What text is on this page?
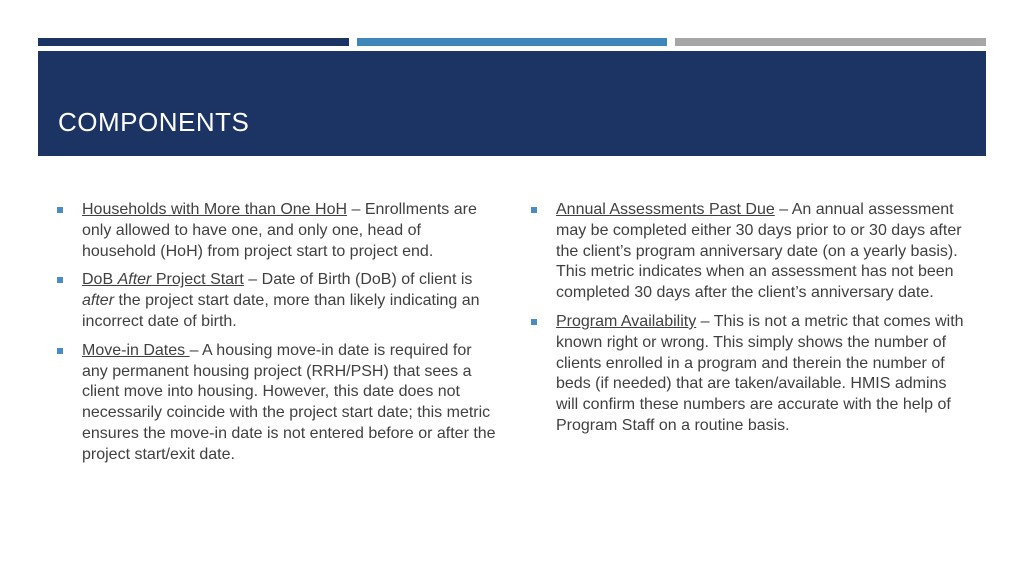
COMPONENTS
Households with More than One HoH – Enrollments are only allowed to have one, and only one, head of household (HoH) from project start to project end.
DoB After Project Start – Date of Birth (DoB) of client is after the project start date, more than likely indicating an incorrect date of birth.
Move-in Dates – A housing move-in date is required for any permanent housing project (RRH/PSH) that sees a client move into housing. However, this date does not necessarily coincide with the project start date; this metric ensures the move-in date is not entered before or after the project start/exit date.
Annual Assessments Past Due – An annual assessment may be completed either 30 days prior to or 30 days after the client’s program anniversary date (on a yearly basis). This metric indicates when an assessment has not been completed 30 days after the client’s anniversary date.
Program Availability – This is not a metric that comes with known right or wrong. This simply shows the number of clients enrolled in a program and therein the number of beds (if needed) that are taken/available. HMIS admins will confirm these numbers are accurate with the help of Program Staff on a routine basis.
